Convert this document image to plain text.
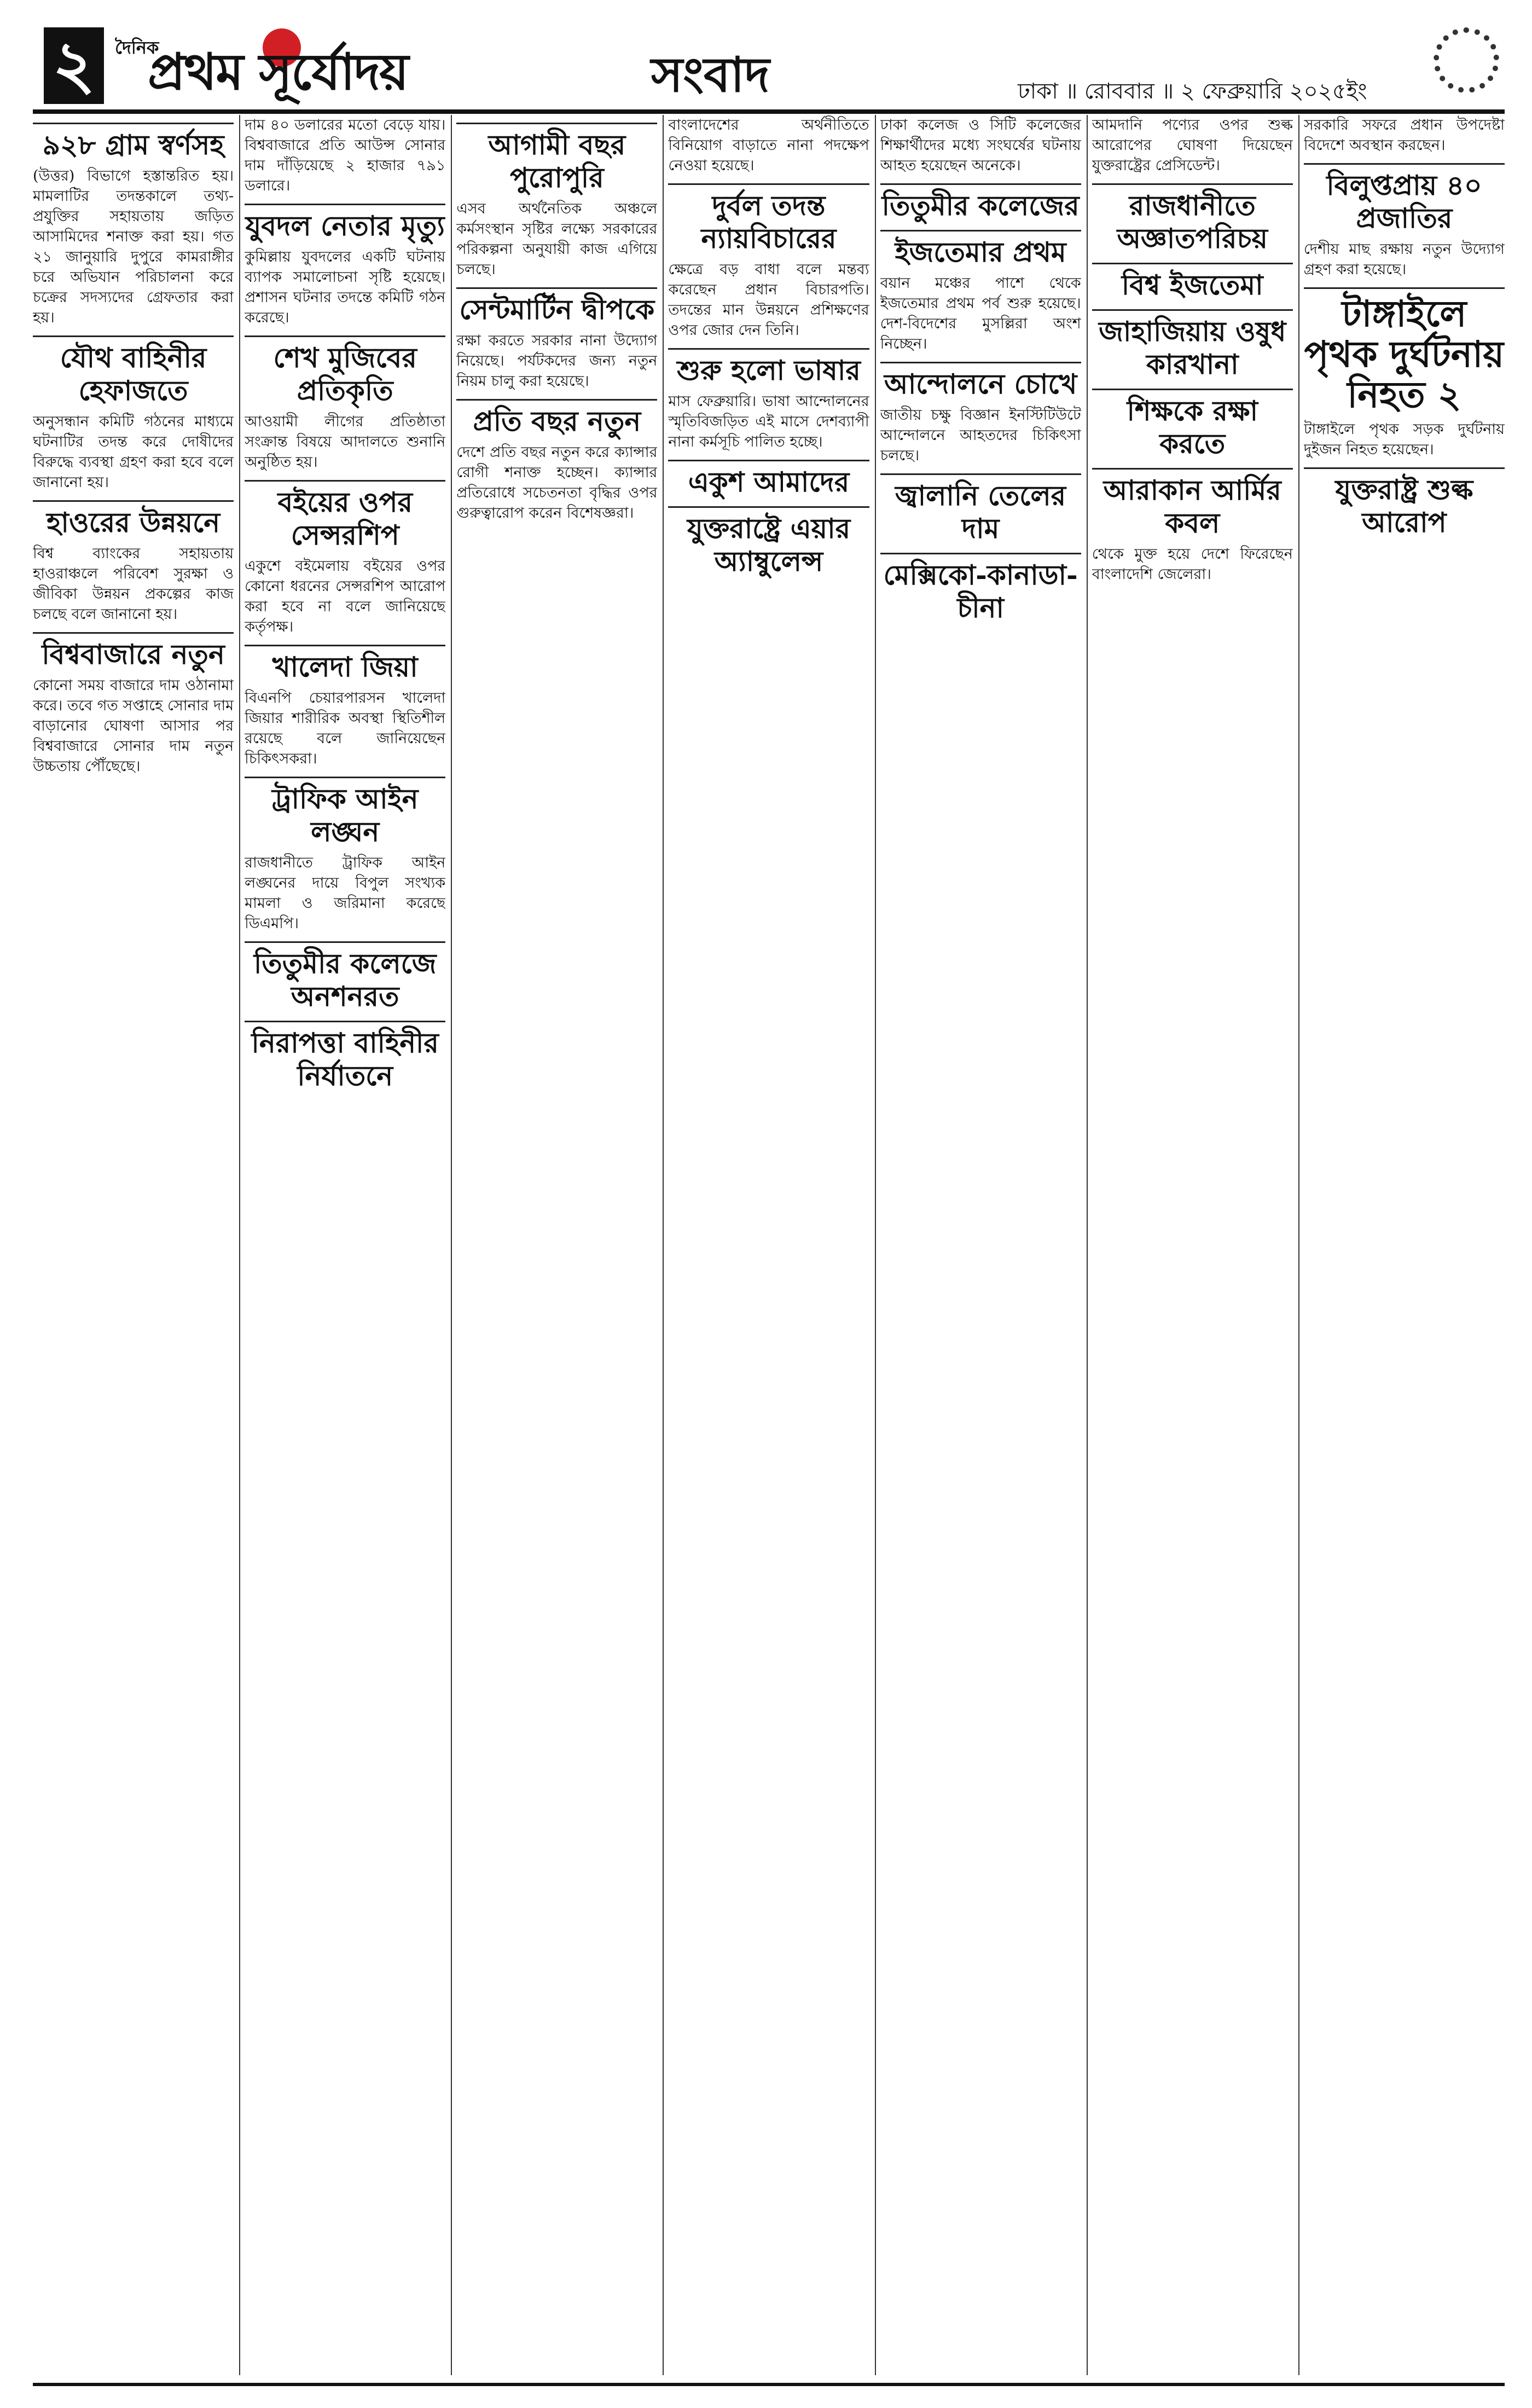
২	দৈনিক
প্রথম সূর্যোদয়	সংবাদ	ঢাকা ॥ রোববার ॥ ২ ফেব্রুয়ারি ২০২৫ইং
৯২৮ গ্রাম স্বর্ণসহ

(উত্তর) বিভাগে হস্তান্তরিত হয়। মামলাটির তদন্তকালে তথ্য-প্রযুক্তির সহায়তায় জড়িত আসামিদের শনাক্ত করা হয়। গত ২১ জানুয়ারি দুপুরে কামরাঙ্গীর চরে অভিযান পরিচালনা করে চক্রের সদস্যদের গ্রেফতার করা হয়।

যৌথ বাহিনীর হেফাজতে

অনুসন্ধান কমিটি গঠনের মাধ্যমে ঘটনাটির তদন্ত করে দোষীদের বিরুদ্ধে ব্যবস্থা গ্রহণ করা হবে বলে জানানো হয়।

হাওরের উন্নয়নে

বিশ্ব ব্যাংকের সহায়তায় হাওরাঞ্চলে পরিবেশ সুরক্ষা ও জীবিকা উন্নয়ন প্রকল্পের কাজ চলছে বলে জানানো হয়।

বিশ্ববাজারে নতুন

কোনো সময় বাজারে দাম ওঠানামা করে। তবে গত সপ্তাহে সোনার দাম বাড়ানোর ঘোষণা আসার পর বিশ্ববাজারে সোনার দাম নতুন উচ্চতায় পৌঁছেছে।

দাম ৪০ ডলারের মতো বেড়ে যায়। বিশ্ববাজারে প্রতি আউন্স সোনার দাম দাঁড়িয়েছে ২ হাজার ৭৯১ ডলারে।

যুবদল নেতার মৃত্যু

কুমিল্লায় যুবদলের একটি ঘটনায় ব্যাপক সমালোচনা সৃষ্টি হয়েছে। প্রশাসন ঘটনার তদন্তে কমিটি গঠন করেছে।

শেখ মুজিবের প্রতিকৃতি

আওয়ামী লীগের প্রতিষ্ঠাতা সংক্রান্ত বিষয়ে আদালতে শুনানি অনুষ্ঠিত হয়।

বইয়ের ওপর সেন্সরশিপ

একুশে বইমেলায় বইয়ের ওপর কোনো ধরনের সেন্সরশিপ আরোপ করা হবে না বলে জানিয়েছে কর্তৃপক্ষ।

খালেদা জিয়া

বিএনপি চেয়ারপারসন খালেদা জিয়ার শারীরিক অবস্থা স্থিতিশীল রয়েছে বলে জানিয়েছেন চিকিৎসকরা।

ট্রাফিক আইন লঙ্ঘন

রাজধানীতে ট্রাফিক আইন লঙ্ঘনের দায়ে বিপুল সংখ্যক মামলা ও জরিমানা করেছে ডিএমপি।

তিতুমীর কলেজে অনশনরত
নিরাপত্তা বাহিনীর নির্যাতনে
আগামী বছর পুরোপুরি

এসব অর্থনৈতিক অঞ্চলে কর্মসংস্থান সৃষ্টির লক্ষ্যে সরকারের পরিকল্পনা অনুযায়ী কাজ এগিয়ে চলছে।

সেন্টমার্টিন দ্বীপকে

রক্ষা করতে সরকার নানা উদ্যোগ নিয়েছে। পর্যটকদের জন্য নতুন নিয়ম চালু করা হয়েছে।

প্রতি বছর নতুন

দেশে প্রতি বছর নতুন করে ক্যান্সার রোগী শনাক্ত হচ্ছেন। ক্যান্সার প্রতিরোধে সচেতনতা বৃদ্ধির ওপর গুরুত্বারোপ করেন বিশেষজ্ঞরা।

বাংলাদেশের অর্থনীতিতে বিনিয়োগ বাড়াতে নানা পদক্ষেপ নেওয়া হয়েছে।

দুর্বল তদন্ত ন্যায়বিচারের

ক্ষেত্রে বড় বাধা বলে মন্তব্য করেছেন প্রধান বিচারপতি। তদন্তের মান উন্নয়নে প্রশিক্ষণের ওপর জোর দেন তিনি।

শুরু হলো ভাষার

মাস ফেব্রুয়ারি। ভাষা আন্দোলনের স্মৃতিবিজড়িত এই মাসে দেশব্যাপী নানা কর্মসূচি পালিত হচ্ছে।

একুশ আমাদের
যুক্তরাষ্ট্রে এয়ার অ্যাম্বুলেন্স

ঢাকা কলেজ ও সিটি কলেজের শিক্ষার্থীদের মধ্যে সংঘর্ষের ঘটনায় আহত হয়েছেন অনেকে।

তিতুমীর কলেজের
ইজতেমার প্রথম

বয়ান মঞ্চের পাশে থেকে ইজতেমার প্রথম পর্ব শুরু হয়েছে। দেশ-বিদেশের মুসল্লিরা অংশ নিচ্ছেন।

আন্দোলনে চোখে

জাতীয় চক্ষু বিজ্ঞান ইনস্টিটিউটে আন্দোলনে আহতদের চিকিৎসা চলছে।

জ্বালানি তেলের দাম
মেক্সিকো-কানাডা-চীনা

আমদানি পণ্যের ওপর শুল্ক আরোপের ঘোষণা দিয়েছেন যুক্তরাষ্ট্রের প্রেসিডেন্ট।

রাজধানীতে অজ্ঞাতপরিচয়
বিশ্ব ইজতেমা
জাহাজিয়ায় ওষুধ কারখানা
শিক্ষকে রক্ষা করতে
আরাকান আর্মির কবল

থেকে মুক্ত হয়ে দেশে ফিরেছেন বাংলাদেশি জেলেরা।

সরকারি সফরে প্রধান উপদেষ্টা বিদেশে অবস্থান করছেন।

বিলুপ্তপ্রায় ৪০ প্রজাতির

দেশীয় মাছ রক্ষায় নতুন উদ্যোগ গ্রহণ করা হয়েছে।

টাঙ্গাইলে পৃথক দুর্ঘটনায় নিহত ২

টাঙ্গাইলে পৃথক সড়ক দুর্ঘটনায় দুইজন নিহত হয়েছেন।

যুক্তরাষ্ট্র শুল্ক আরোপ
